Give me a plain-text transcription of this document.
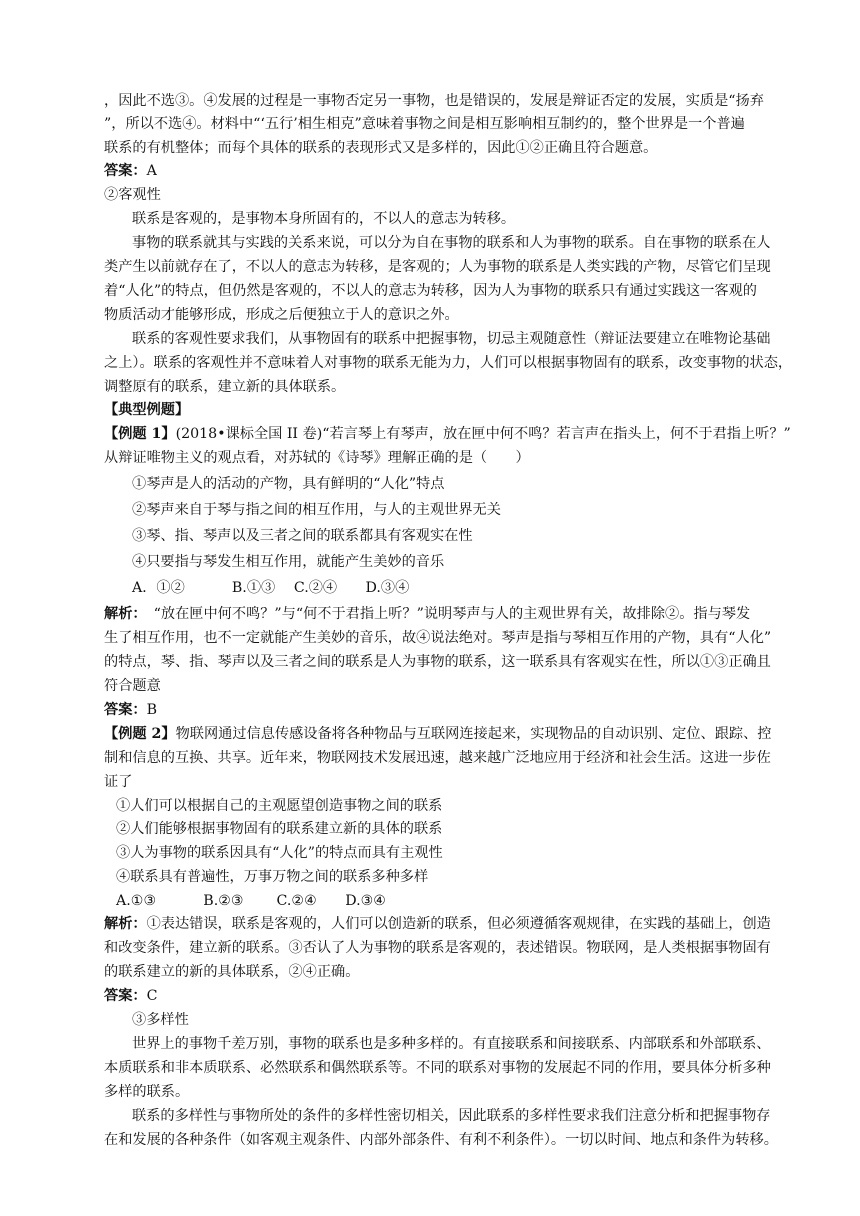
，因此不选③。④发展的过程是一事物否定另一事物，也是错误的，发展是辩证否定的发展，实质是“扬弃
”，所以不选④。材料中“‘五行’相生相克”意味着事物之间是相互影响相互制约的，整个世界是一个普遍
联系的有机整体；而每个具体的联系的表现形式又是多样的，因此①②正确且符合题意。
答案：A
②客观性
联系是客观的，是事物本身所固有的，不以人的意志为转移。
事物的联系就其与实践的关系来说，可以分为自在事物的联系和人为事物的联系。自在事物的联系在人
类产生以前就存在了，不以人的意志为转移，是客观的；人为事物的联系是人类实践的产物，尽管它们呈现
着“人化”的特点，但仍然是客观的，不以人的意志为转移，因为人为事物的联系只有通过实践这一客观的
物质活动才能够形成，形成之后便独立于人的意识之外。
联系的客观性要求我们，从事物固有的联系中把握事物，切忌主观随意性（辩证法要建立在唯物论基础
之上）。联系的客观性并不意味着人对事物的联系无能为力，人们可以根据事物固有的联系，改变事物的状态，
调整原有的联系，建立新的具体联系。
【典型例题】
【例题 1】(2018•课标全国 II 卷)“若言琴上有琴声，放在匣中何不鸣？若言声在指头上，何不于君指上听？”
从辩证唯物主义的观点看，对苏轼的《诗琴》理解正确的是（　　）
①琴声是人的活动的产物，具有鲜明的“人化”特点
②琴声来自于琴与指之间的相互作用，与人的主观世界无关
③琴、指、琴声以及三者之间的联系都具有客观实在性
④只要指与琴发生相互作用，就能产生美妙的音乐
A．①②　　　 B.①③　 C.②④　　D.③④
解析：　“放在匣中何不鸣？”与“何不于君指上听？”说明琴声与人的主观世界有关，故排除②。指与琴发
生了相互作用，也不一定就能产生美妙的音乐，故④说法绝对。琴声是指与琴相互作用的产物，具有“人化”
的特点，琴、指、琴声以及三者之间的联系是人为事物的联系，这一联系具有客观实在性，所以①③正确且
符合题意
答案：B
【例题 2】物联网通过信息传感设备将各种物品与互联网连接起来，实现物品的自动识别、定位、跟踪、控
制和信息的互换、共享。近年来，物联网技术发展迅速，越来越广泛地应用于经济和社会生活。这进一步佐
证了
①人们可以根据自己的主观愿望创造事物之间的联系
②人们能够根据事物固有的联系建立新的具体的联系
③人为事物的联系因具有“人化”的特点而具有主观性
④联系具有普遍性，万事万物之间的联系多种多样
A.①③　　　 B.②③　　 C.②④　　D.③④
解析：①表达错误，联系是客观的，人们可以创造新的联系，但必须遵循客观规律，在实践的基础上，创造
和改变条件，建立新的联系。③否认了人为事物的联系是客观的，表述错误。物联网，是人类根据事物固有
的联系建立的新的具体联系，②④正确。
答案：C
③多样性
世界上的事物千差万别，事物的联系也是多种多样的。有直接联系和间接联系、内部联系和外部联系、
本质联系和非本质联系、必然联系和偶然联系等。不同的联系对事物的发展起不同的作用，要具体分析多种
多样的联系。
联系的多样性与事物所处的条件的多样性密切相关，因此联系的多样性要求我们注意分析和把握事物存
在和发展的各种条件（如客观主观条件、内部外部条件、有利不利条件）。一切以时间、地点和条件为转移。
